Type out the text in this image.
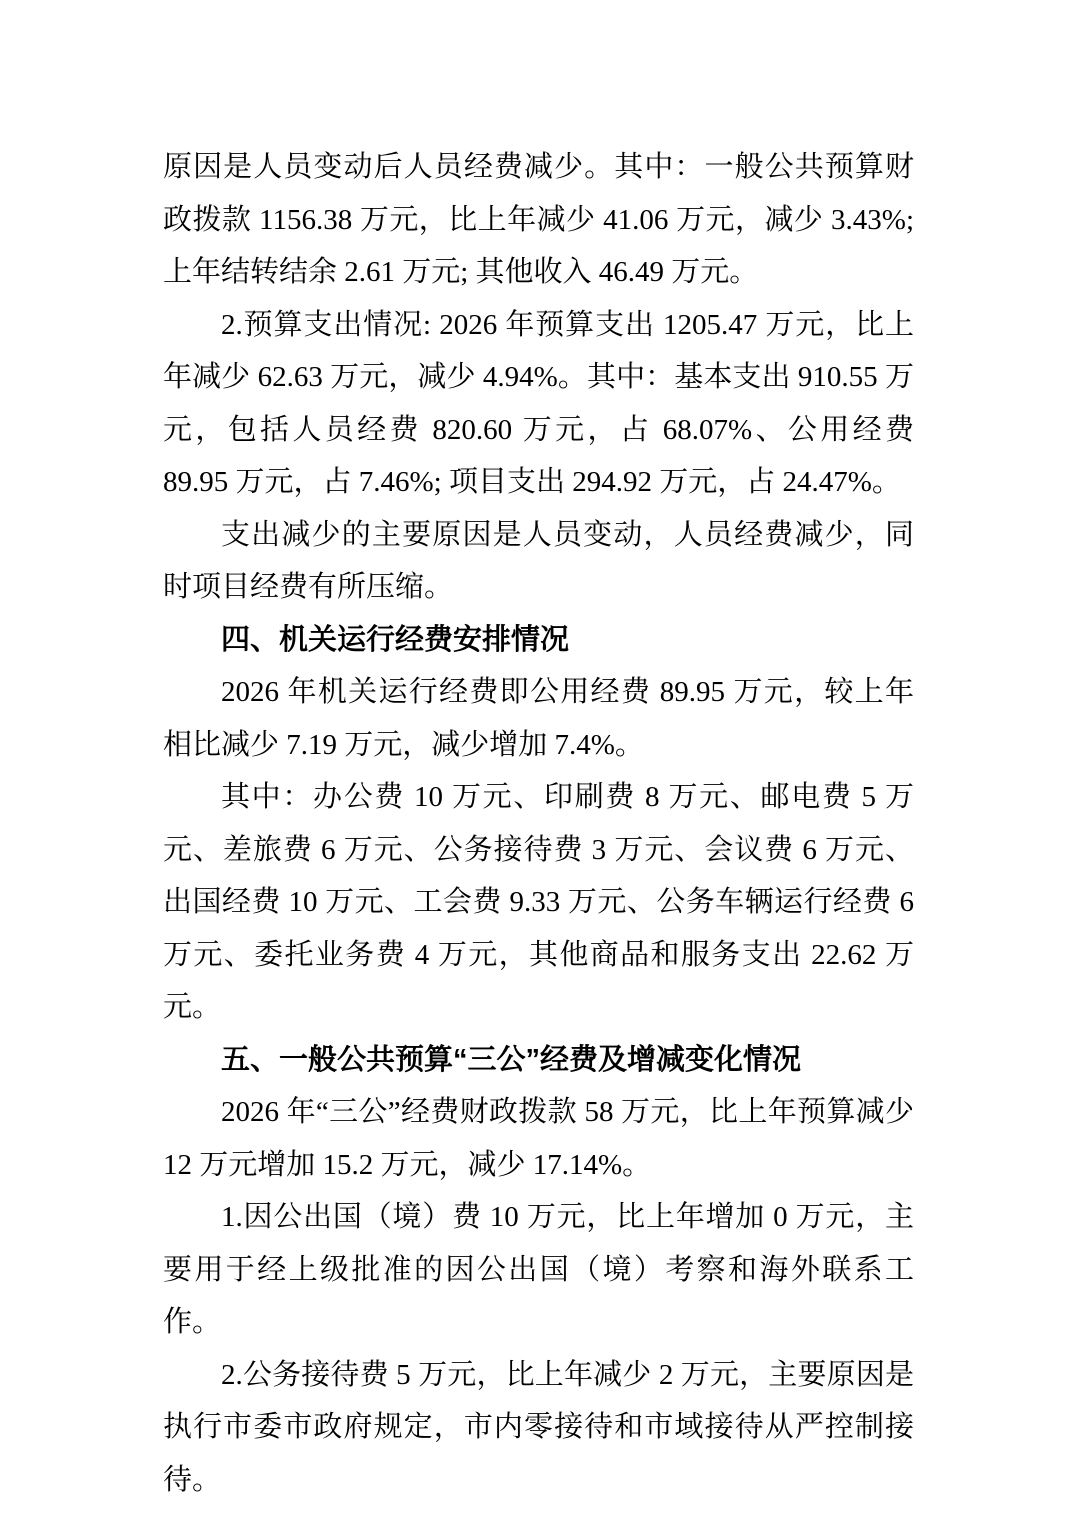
原因是人员变动后人员经费减少。其中：一般公共预算财政拨款 1156.38 万元，比上年减少 41.06 万元，减少 3.43%; 上年结转结余 2.61 万元; 其他收入 46.49 万元。

2.预算支出情况: 2026 年预算支出 1205.47 万元，比上年减少 62.63 万元，减少 4.94%。其中：基本支出 910.55 万元，包括人员经费 820.60 万元，占 68.07%、公用经费 89.95 万元，占 7.46%; 项目支出 294.92 万元，占 24.47%。

支出减少的主要原因是人员变动，人员经费减少，同时项目经费有所压缩。

四、机关运行经费安排情况

2026 年机关运行经费即公用经费 89.95 万元，较上年相比减少 7.19 万元，减少增加 7.4%。

其中：办公费 10 万元、印刷费 8 万元、邮电费 5 万元、差旅费 6 万元、公务接待费 3 万元、会议费 6 万元、出国经费 10 万元、工会费 9.33 万元、公务车辆运行经费 6 万元、委托业务费 4 万元，其他商品和服务支出 22.62 万元。

五、一般公共预算“三公”经费及增减变化情况

2026 年“三公”经费财政拨款 58 万元，比上年预算减少 12 万元增加 15.2 万元，减少 17.14%。

1.因公出国（境）费 10 万元，比上年增加 0 万元，主要用于经上级批准的因公出国（境）考察和海外联系工作。

2.公务接待费 5 万元，比上年减少 2 万元，主要原因是执行市委市政府规定，市内零接待和市域接待从严控制接待。
